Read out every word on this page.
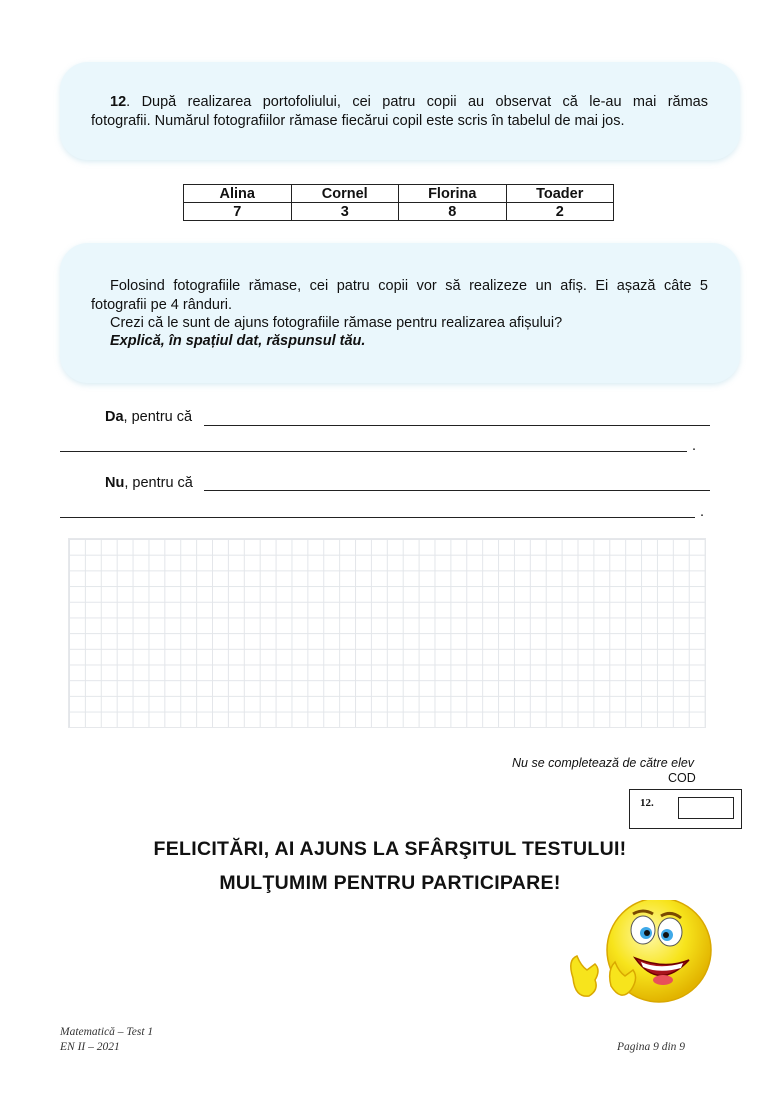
12. După realizarea portofoliului, cei patru copii au observat că le-au mai rămas

fotografii. Numărul fotografiilor rămase fiecărui copil este scris în tabelul de mai jos.

Alina	Cornel	Florina	Toader
7	3	8	2

Folosind fotografiile rămase, cei patru copii vor să realizeze un afiș. Ei așază câte 5

fotografii pe 4 rânduri.

Crezi că le sunt de ajuns fotografiile rămase pentru realizarea afișului?

Explică, în spațiul dat, răspunsul tău.

Da, pentru că
.
Nu, pentru că
.
Nu se completează de către elev
COD
12.
FELICITĂRI, AI AJUNS LA SFÂRŞITUL TESTULUI!
MULŢUMIM PENTRU PARTICIPARE!
Matematică – Test 1
EN II – 2021	Pagina 9 din 9
